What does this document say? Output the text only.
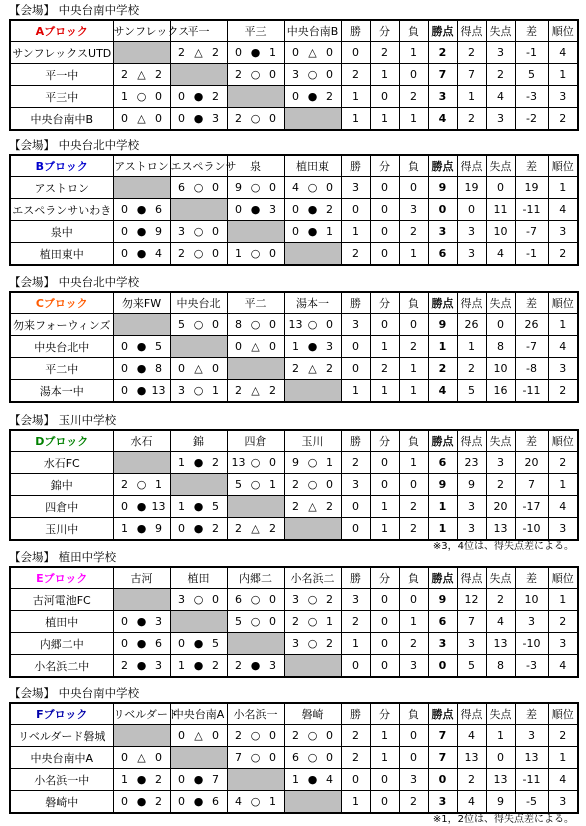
【会場】 中央台南中学校
Aブロック	サンフレックス	平一	平三	中央台南B	勝	分	負	勝点	得点	失点	差	順位
サンフレックスUTD		2 △ 2	0 ● 1	0 △ 0	0	2	1	2	2	3	-1	4
平一中	2 △ 2		2 ○ 0	3 ○ 0	2	1	0	7	7	2	5	1
平三中	1 ○ 0	0 ● 2		0 ● 2	1	0	2	3	1	4	-3	3
中央台南中B	0 △ 0	0 ● 3	2 ○ 0		1	1	1	4	2	3	-2	2
【会場】 中央台北中学校
Bブロック	アストロン	エスペランサ	泉	植田東	勝	分	負	勝点	得点	失点	差	順位
アストロン		6 ○ 0	9 ○ 0	4 ○ 0	3	0	0	9	19	0	19	1
エスペランサいわき	0 ● 6		0 ● 3	0 ● 2	0	0	3	0	0	11	-11	4
泉中	0 ● 9	3 ○ 0		0 ● 1	1	0	2	3	3	10	-7	3
植田東中	0 ● 4	2 ○ 0	1 ○ 0		2	0	1	6	3	4	-1	2
【会場】 中央台北中学校
Cブロック	勿来FW	中央台北	平二	湯本一	勝	分	負	勝点	得点	失点	差	順位
勿来フォーウィンズ		5 ○ 0	8 ○ 0	13 ○ 0	3	0	0	9	26	0	26	1
中央台北中	0 ● 5		0 △ 0	1 ● 3	0	1	2	1	1	8	-7	4
平二中	0 ● 8	0 △ 0		2 △ 2	0	2	1	2	2	10	-8	3
湯本一中	0 ● 13	3 ○ 1	2 △ 2		1	1	1	4	5	16	-11	2
【会場】 玉川中学校
Dブロック	水石	錦	四倉	玉川	勝	分	負	勝点	得点	失点	差	順位
水石FC		1 ● 2	13 ○ 0	9 ○ 1	2	0	1	6	23	3	20	2
錦中	2 ○ 1		5 ○ 1	2 ○ 0	3	0	0	9	9	2	7	1
四倉中	0 ● 13	1 ● 5		2 △ 2	0	1	2	1	3	20	-17	4
玉川中	1 ● 9	0 ● 2	2 △ 2		0	1	2	1	3	13	-10	3
※3，4位は、得失点差による。
【会場】 植田中学校
Eブロック	古河	植田	内郷二	小名浜二	勝	分	負	勝点	得点	失点	差	順位
古河電池FC		3 ○ 0	6 ○ 0	3 ○ 2	3	0	0	9	12	2	10	1
植田中	0 ● 3		5 ○ 0	2 ○ 1	2	0	1	6	7	4	3	2
内郷二中	0 ● 6	0 ● 5		3 ○ 2	1	0	2	3	3	13	-10	3
小名浜二中	2 ● 3	1 ● 2	2 ● 3		0	0	3	0	5	8	-3	4
【会場】 中央台南中学校
Fブロック	リベルダード	中央台南A	小名浜一	磐崎	勝	分	負	勝点	得点	失点	差	順位
リベルダード磐城		0 △ 0	2 ○ 0	2 ○ 0	2	1	0	7	4	1	3	2
中央台南中A	0 △ 0		7 ○ 0	6 ○ 0	2	1	0	7	13	0	13	1
小名浜一中	1 ● 2	0 ● 7		1 ● 4	0	0	3	0	2	13	-11	4
磐崎中	0 ● 2	0 ● 6	4 ○ 1		1	0	2	3	4	9	-5	3
※1，2位は、得失点差による。
